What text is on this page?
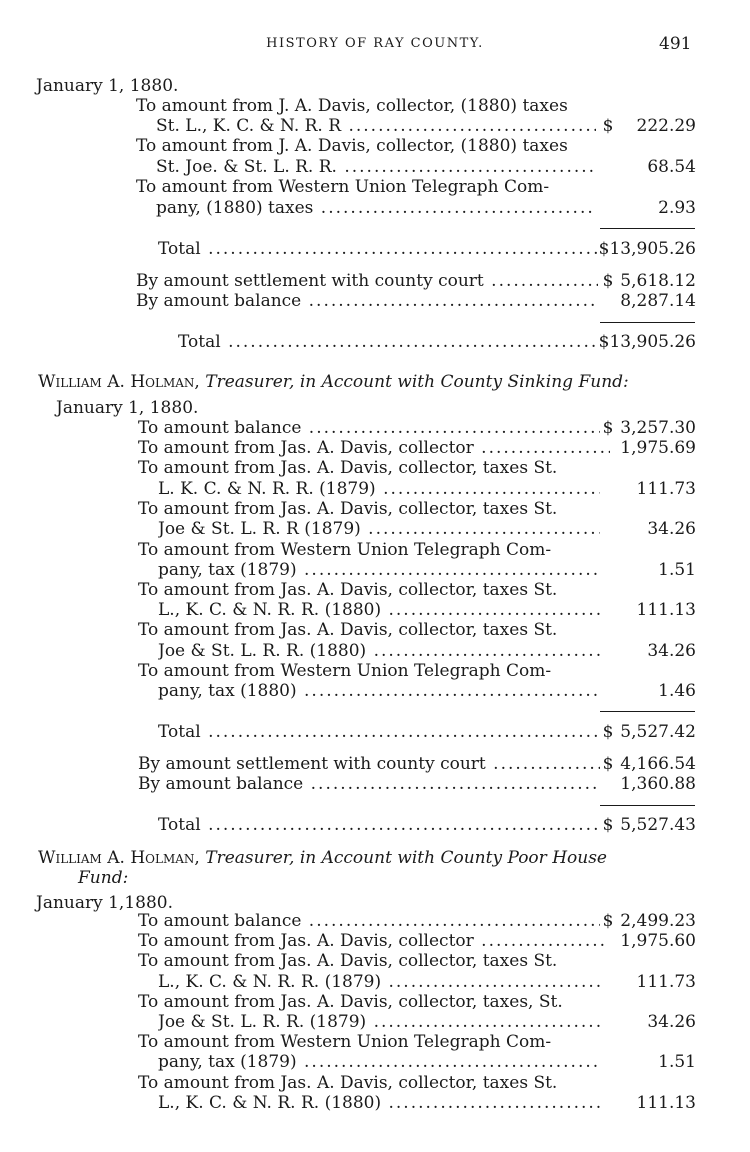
HISTORY OF RAY COUNTY.	491
January 1, 1880.
To amount from J. A. Davis, collector, (1880) taxes
St. L., K. C. & N. R. R .....	$ 222.29
To amount from J. A. Davis, collector, (1880) taxes
St. Joe. & St. L. R. R. .....	68.54
To amount from Western Union Telegraph Com-
pany, (1880) taxes .....	2.93
Total .....	$13,905.26
By amount settlement with county court .....	$ 5,618.12
By amount balance .....	8,287.14
Total .....	$13,905.26
William A. Holman, Treasurer, in Account with County Sinking Fund:
January 1, 1880.
To amount balance .....	$ 3,257.30
To amount from Jas. A. Davis, collector .....	1,975.69
To amount from Jas. A. Davis, collector, taxes St.
L. K. C. & N. R. R. (1879) .....	111.73
To amount from Jas. A. Davis, collector, taxes St.
Joe & St. L. R. R (1879) .....	34.26
To amount from Western Union Telegraph Com-
pany, tax (1879) .....	1.51
To amount from Jas. A. Davis, collector, taxes St.
L., K. C. & N. R. R. (1880) .....	111.13
To amount from Jas. A. Davis, collector, taxes St.
Joe & St. L. R. R. (1880) .....	34.26
To amount from Western Union Telegraph Com-
pany, tax (1880) .....	1.46
Total .....	$ 5,527.42
By amount settlement with county court .....	$ 4,166.54
By amount balance .....	1,360.88
Total .....	$ 5,527.43
William A. Holman, Treasurer, in Account with County Poor House
Fund:
January 1,1880.
To amount balance .....	$ 2,499.23
To amount from Jas. A. Davis, collector .....	1,975.60
To amount from Jas. A. Davis, collector, taxes St.
L., K. C. & N. R. R. (1879) .....	111.73
To amount from Jas. A. Davis, collector, taxes, St.
Joe & St. L. R. R. (1879) .....	34.26
To amount from Western Union Telegraph Com-
pany, tax (1879) .....	1.51
To amount from Jas. A. Davis, collector, taxes St.
L., K. C. & N. R. R. (1880) .....	111.13
